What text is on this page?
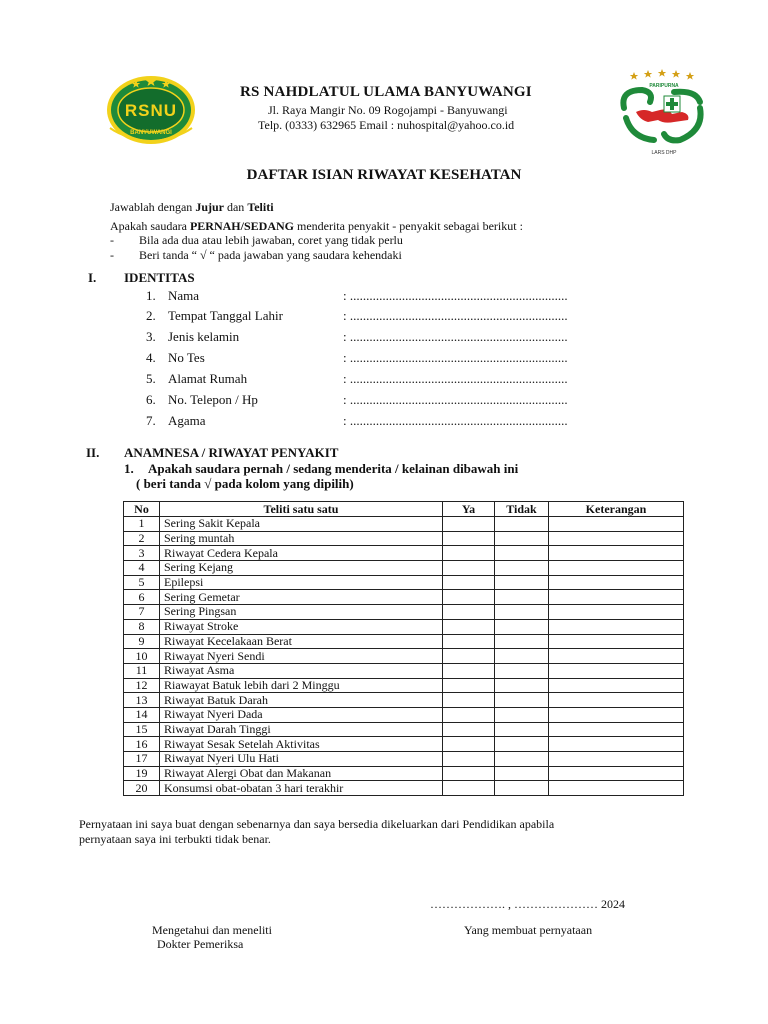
RSNU
BANYUWANGI
RS NAHDLATUL ULAMA BANYUWANGI
Jl. Raya Mangir No. 09 Rogojampi - Banyuwangi
Telp. (0333) 632965 Email : nuhospital@yahoo.co.id
PARIPURNA
LARS DHP
DAFTAR ISIAN RIWAYAT KESEHATAN
Jawablah dengan Jujur dan Teliti
Apakah saudara PERNAH/SEDANG menderita penyakit - penyakit sebagai berikut :
- Bila ada dua atau lebih jawaban, coret yang tidak perlu
- Beri tanda “ √ “ pada jawaban yang saudara kehendaki
I. IDENTITAS
1. Nama	: ...................................................................
2. Tempat Tanggal Lahir	: ...................................................................
3. Jenis kelamin	: ...................................................................
4. No Tes	: ...................................................................
5. Alamat Rumah	: ...................................................................
6. No. Telepon / Hp	: ...................................................................
7. Agama	: ...................................................................
II. ANAMNESA / RIWAYAT PENYAKIT
1. Apakah saudara pernah / sedang menderita / kelainan dibawah ini
( beri tanda √ pada kolom yang dipilih)
No	Teliti satu satu	Ya	Tidak	Keterangan
1	Sering Sakit Kepala			
2	Sering muntah			
3	Riwayat Cedera Kepala			
4	Sering Kejang			
5	Epilepsi			
6	Sering Gemetar			
7	Sering Pingsan			
8	Riwayat Stroke			
9	Riwayat Kecelakaan Berat			
10	Riwayat Nyeri Sendi			
11	Riwayat Asma			
12	Riawayat Batuk lebih dari 2 Minggu			
13	Riwayat Batuk Darah			
14	Riwayat Nyeri Dada			
15	Riwayat Darah Tinggi			
16	Riwayat Sesak Setelah Aktivitas			
17	Riwayat Nyeri Ulu Hati			
19	Riwayat Alergi Obat dan Makanan			
20	Konsumsi obat-obatan 3 hari terakhir			
Pernyataan ini saya buat dengan sebenarnya dan saya bersedia dikeluarkan dari Pendidikan apabila
pernyataan saya ini terbukti tidak benar.
………………. , ………………… 2024
Mengetahui dan meneliti
Dokter Pemeriksa
Yang membuat pernyataan
